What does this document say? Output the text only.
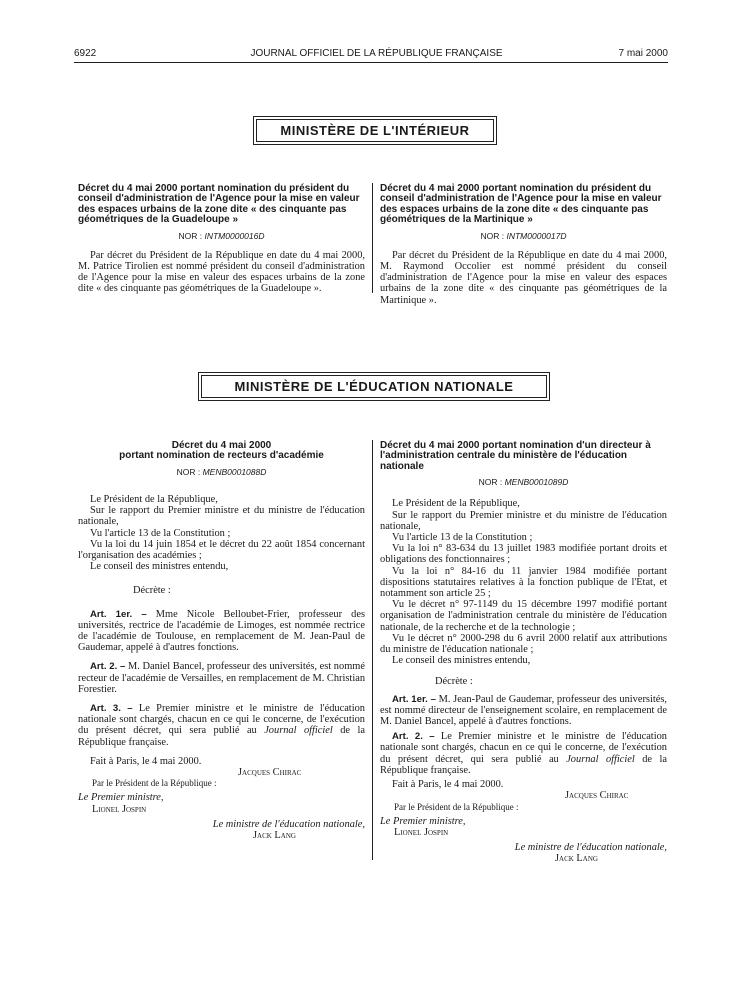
6922	JOURNAL OFFICIEL DE LA RÉPUBLIQUE FRANÇAISE	7 mai 2000
MINISTÈRE DE L'INTÉRIEUR
Décret du 4 mai 2000 portant nomination du président du conseil d'administration de l'Agence pour la mise en valeur des espaces urbains de la zone dite « des cinquante pas géométriques de la Guadeloupe »
NOR : INTM0000016D

Par décret du Président de la République en date du 4 mai 2000, M. Patrice Tirolien est nommé président du conseil d'administration de l'Agence pour la mise en valeur des espaces urbains de la zone dite « des cinquante pas géométriques de la Guadeloupe ».

Décret du 4 mai 2000 portant nomination du président du conseil d'administration de l'Agence pour la mise en valeur des espaces urbains de la zone dite « des cinquante pas géométriques de la Martinique »
NOR : INTM0000017D

Par décret du Président de la République en date du 4 mai 2000, M. Raymond Occolier est nommé président du conseil d'administration de l'Agence pour la mise en valeur des espaces urbains de la zone dite « des cinquante pas géométriques de la Martinique ».

MINISTÈRE DE L'ÉDUCATION NATIONALE
Décret du 4 mai 2000
portant nomination de recteurs d'académie
NOR : MENB0001088D

Le Président de la République,

Sur le rapport du Premier ministre et du ministre de l'éducation nationale,

Vu l'article 13 de la Constitution ;

Vu la loi du 14 juin 1854 et le décret du 22 août 1854 concernant l'organisation des académies ;

Le conseil des ministres entendu,

Décrète :

Art. 1er. – Mme Nicole Belloubet-Frier, professeur des universités, rectrice de l'académie de Limoges, est nommée rectrice de l'académie de Toulouse, en remplacement de M. Jean-Paul de Gaudemar, appelé à d'autres fonctions.

Art. 2. – M. Daniel Bancel, professeur des universités, est nommé recteur de l'académie de Versailles, en remplacement de M. Christian Forestier.

Art. 3. – Le Premier ministre et le ministre de l'éducation nationale sont chargés, chacun en ce qui le concerne, de l'exécution du présent décret, qui sera publié au Journal officiel de la République française.

Fait à Paris, le 4 mai 2000.

Jacques Chirac

Par le Président de la République :

Le Premier ministre,

Lionel Jospin

Le ministre de l'éducation nationale,

Jack Lang

Décret du 4 mai 2000 portant nomination d'un directeur à l'administration centrale du ministère de l'éducation nationale
NOR : MENB0001089D

Le Président de la République,

Sur le rapport du Premier ministre et du ministre de l'éducation nationale,

Vu l'article 13 de la Constitution ;

Vu la loi n° 83-634 du 13 juillet 1983 modifiée portant droits et obligations des fonctionnaires ;

Vu la loi n° 84-16 du 11 janvier 1984 modifiée portant dispositions statutaires relatives à la fonction publique de l'Etat, et notamment son article 25 ;

Vu le décret n° 97-1149 du 15 décembre 1997 modifié portant organisation de l'administration centrale du ministère de l'éducation nationale, de la recherche et de la technologie ;

Vu le décret n° 2000-298 du 6 avril 2000 relatif aux attributions du ministre de l'éducation nationale ;

Le conseil des ministres entendu,

Décrète :

Art. 1er. – M. Jean-Paul de Gaudemar, professeur des universités, est nommé directeur de l'enseignement scolaire, en remplacement de M. Daniel Bancel, appelé à d'autres fonctions.

Art. 2. – Le Premier ministre et le ministre de l'éducation nationale sont chargés, chacun en ce qui le concerne, de l'exécution du présent décret, qui sera publié au Journal officiel de la République française.

Fait à Paris, le 4 mai 2000.

Jacques Chirac

Par le Président de la République :

Le Premier ministre,

Lionel Jospin

Le ministre de l'éducation nationale,

Jack Lang
